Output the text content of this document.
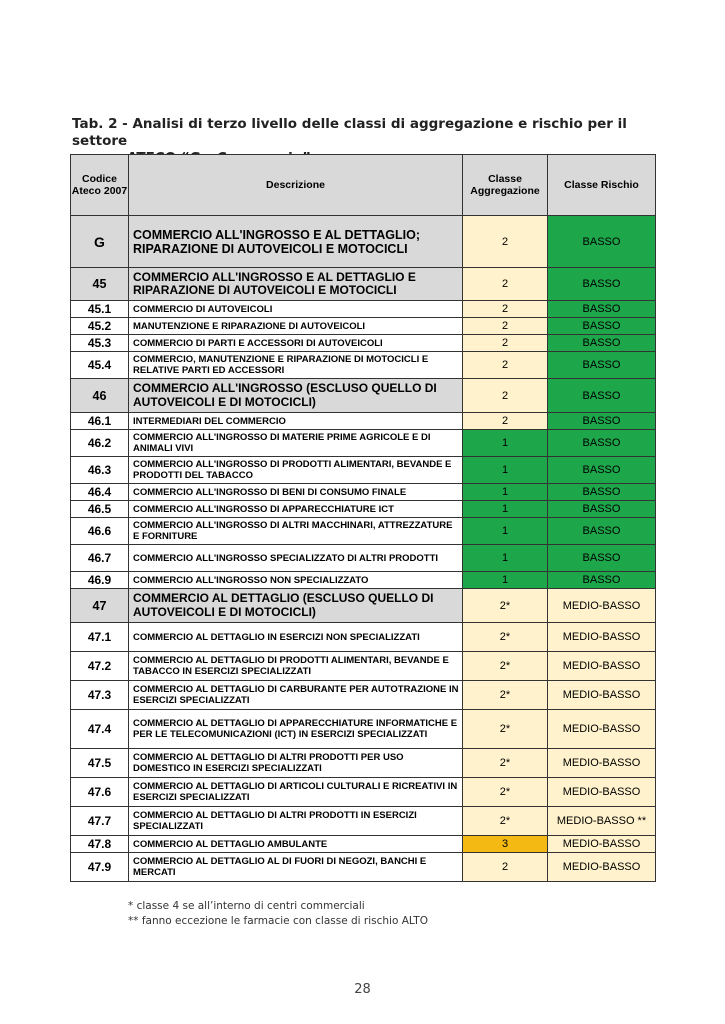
Tab. 2 - Analisi di terzo livello delle classi di aggregazione e rischio per il settore
Codice Ateco 2007	Descrizione	Classe Aggregazione	Classe Rischio
G	COMMERCIO ALL'INGROSSO E AL DETTAGLIO; RIPARAZIONE DI AUTOVEICOLI E MOTOCICLI	2	BASSO
45	COMMERCIO ALL'INGROSSO E AL DETTAGLIO E RIPARAZIONE DI AUTOVEICOLI E MOTOCICLI	2	BASSO
45.1	COMMERCIO DI AUTOVEICOLI	2	BASSO
45.2	MANUTENZIONE E RIPARAZIONE DI AUTOVEICOLI	2	BASSO
45.3	COMMERCIO DI PARTI E ACCESSORI DI AUTOVEICOLI	2	BASSO
45.4	COMMERCIO, MANUTENZIONE E RIPARAZIONE DI MOTOCICLI E RELATIVE PARTI ED ACCESSORI	2	BASSO
46	COMMERCIO ALL'INGROSSO (ESCLUSO QUELLO DI AUTOVEICOLI E DI MOTOCICLI)	2	BASSO
46.1	INTERMEDIARI DEL COMMERCIO	2	BASSO
46.2	COMMERCIO ALL'INGROSSO DI MATERIE PRIME AGRICOLE E DI ANIMALI VIVI	1	BASSO
46.3	COMMERCIO ALL'INGROSSO DI PRODOTTI ALIMENTARI, BEVANDE E PRODOTTI DEL TABACCO	1	BASSO
46.4	COMMERCIO ALL'INGROSSO DI BENI DI CONSUMO FINALE	1	BASSO
46.5	COMMERCIO ALL'INGROSSO DI APPARECCHIATURE ICT	1	BASSO
46.6	COMMERCIO ALL'INGROSSO DI ALTRI MACCHINARI, ATTREZZATURE E FORNITURE	1	BASSO
46.7	COMMERCIO ALL'INGROSSO SPECIALIZZATO DI ALTRI PRODOTTI	1	BASSO
46.9	COMMERCIO ALL'INGROSSO NON SPECIALIZZATO	1	BASSO
47	COMMERCIO AL DETTAGLIO (ESCLUSO QUELLO DI AUTOVEICOLI E DI MOTOCICLI)	2*	MEDIO-BASSO
47.1	COMMERCIO AL DETTAGLIO IN ESERCIZI NON SPECIALIZZATI	2*	MEDIO-BASSO
47.2	COMMERCIO AL DETTAGLIO DI PRODOTTI ALIMENTARI, BEVANDE E TABACCO IN ESERCIZI SPECIALIZZATI	2*	MEDIO-BASSO
47.3	COMMERCIO AL DETTAGLIO DI CARBURANTE PER AUTOTRAZIONE IN ESERCIZI SPECIALIZZATI	2*	MEDIO-BASSO
47.4	COMMERCIO AL DETTAGLIO DI APPARECCHIATURE INFORMATICHE E PER LE TELECOMUNICAZIONI (ICT) IN ESERCIZI SPECIALIZZATI	2*	MEDIO-BASSO
47.5	COMMERCIO AL DETTAGLIO DI ALTRI PRODOTTI PER USO DOMESTICO IN ESERCIZI SPECIALIZZATI	2*	MEDIO-BASSO
47.6	COMMERCIO AL DETTAGLIO DI ARTICOLI CULTURALI E RICREATIVI IN ESERCIZI SPECIALIZZATI	2*	MEDIO-BASSO
47.7	COMMERCIO AL DETTAGLIO DI ALTRI PRODOTTI IN ESERCIZI SPECIALIZZATI	2*	MEDIO-BASSO **
47.8	COMMERCIO AL DETTAGLIO AMBULANTE	3	MEDIO-BASSO
47.9	COMMERCIO AL DETTAGLIO AL DI FUORI DI NEGOZI, BANCHI E MERCATI	2	MEDIO-BASSO
* classe 4 se all’interno di centri commerciali
** fanno eccezione le farmacie con classe di rischio ALTO
28
